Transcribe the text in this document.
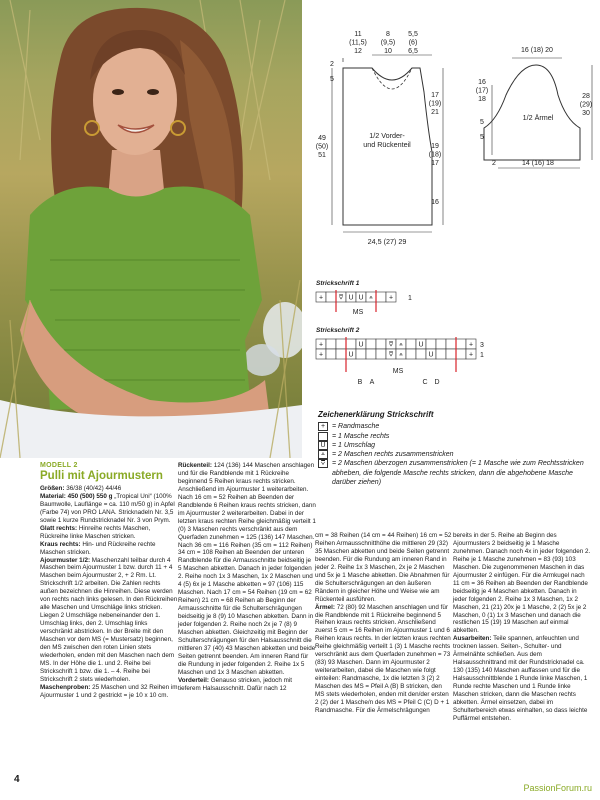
11 (11,5) 12
8 (9,5) 10
5,5 (6) 6,5
2
5
17 (19) 21
19 (18) 17
16
49 (50) 51
1/2 Vorder-
und Rückenteil
24,5 (27) 29
16 (18) 20
16 (17) 18
5
5
28 (29) 30
1/2 Ärmel
2	14 (16) 18
Strickschrift 1
+ ⩢ U U ⩡ + 1
MS
Strickschrift 2
+	U	⩢ ⩡ U	+
+	U	⩢ ⩡	U	+
3
1
MS
B A	C D
Zeichenerklärung Strickschrift
+ = Randmasche
= 1 Masche rechts
U = 1 Umschlag
⩡	= 2 Maschen rechts zusammenstricken
⩢ = 2 Maschen überzogen zusammenstricken (= 1 Masche wie zum Rechtsstricken abheben, die folgende Masche rechts stricken, dann die abgehobene Masche darüber ziehen)
MODELL 2
Pulli mit Ajourmustern

Größen: 36/38 (40/42) 44/46

Material: 450 (500) 550 g „Tropical Uni“ (100% Baumwolle, Lauflänge = ca. 110 m/50 g) in Apfel (Farbe 74) von PRO LANA. Stricknadeln Nr. 3,5 sowie 1 kurze Rundstricknadel Nr. 3 von Prym.

Glatt rechts: Hinreihe rechts Maschen, Rückreihe linke Maschen stricken.

Kraus rechts: Hin- und Rückreihe rechte Maschen stricken.

Ajourmuster 1/2: Maschenzahl teilbar durch 4 Maschen beim Ajourmuster 1 bzw. durch 11 + 4 Maschen beim Ajourmuster 2, + 2 Rm. Lt. Strickschrift 1/2 arbeiten. Die Zahlen rechts außen bezeichnen die Hinreihen. Diese werden von rechts nach links gelesen. In den Rückreihen alle Maschen und Umschläge links stricken. Liegen 2 Umschläge nebeneinander den 1. Umschlag links, den 2. Umschlag links verschränkt abstricken. In der Breite mit den Maschen vor dem MS (= Mustersatz) beginnen, den MS zwischen den roten Linien stets wiederholen, enden mit den Maschen nach dem MS. In der Höhe die 1. und 2. Reihe bei Strickschrift 1 bzw. die 1. – 4. Reihe bei Strickschrift 2 stets wiederholen.

Maschenproben: 25 Maschen und 32 Reihen im Ajourmuster 1 und 2 gestrickt = je 10 x 10 cm.

Rückenteil: 124 (136) 144 Maschen anschlagen und für die Randblende mit 1 Rückreihe beginnend 5 Reihen kraus rechts stricken. Anschließend im Ajourmuster 1 weiterarbeiten. Nach 16 cm = 52 Reihen ab Beenden der Randblende 6 Reihen kraus rechts stricken, dann im Ajourmuster 2 weiterarbeiten. Dabei in der letzten kraus rechten Reihe gleichmäßig verteilt 1 (0) 3 Maschen rechts verschränkt aus dem Querfaden zunehmen = 125 (136) 147 Maschen. Nach 36 cm = 116 Reihen (35 cm = 112 Reihen) 34 cm = 108 Reihen ab Beenden der unteren Randblende für die Armausschnitte beidseitig je 5 Maschen abketten. Danach in jeder folgenden 2. Reihe noch 1x 3 Maschen, 1x 2 Maschen und 4 (5) 6x je 1 Masche abketten = 97 (106) 115 Maschen. Nach 17 cm = 54 Reihen (19 cm = 62 Reihen) 21 cm = 68 Reihen ab Beginn der Armausschnitte für die Schulterschrägungen beidseitig je 8 (9) 10 Maschen abketten. Dann in jeder folgenden 2. Reihe noch 2x je 7 (8) 9 Maschen abketten. Gleichzeitig mit Beginn der Schulterschrägungen für den Halsausschnitt die mittleren 37 (40) 43 Maschen abketten und beide Seiten getrennt beenden. Am inneren Rand für die Rundung in jeder folgenden 2. Reihe 1x 5 Maschen und 1x 3 Maschen abketten.

Vorderteil: Genauso stricken, jedoch mit tieferem Halsausschnitt. Dafür nach 12

cm = 38 Reihen (14 cm = 44 Reihen) 16 cm = 52 Reihen Armausschnitthöhe die mittleren 29 (32) 35 Maschen abketten und beide Seiten getrennt beenden. Für die Rundung am inneren Rand in jeder 2. Reihe 1x 3 Maschen, 2x je 2 Maschen und 5x je 1 Masche abketten. Die Abnahmen für die Schulterschrägungen an den äußeren Rändern in gleicher Höhe und Weise wie am Rückenteil ausführen.

Ärmel: 72 (80) 92 Maschen anschlagen und für die Randblende mit 1 Rückreihe beginnend 5 Reihen kraus rechts stricken. Anschließend zuerst 5 cm = 16 Reihen im Ajourmuster 1 und 6 Reihen kraus rechts. In der letzten kraus rechten Reihe gleichmäßig verteilt 1 (3) 1 Masche rechts verschränkt aus dem Querfaden zunehmen = 73 (83) 93 Maschen. Dann im Ajourmuster 2 weiterarbeiten, dabei die Maschen wie folgt einteilen: Randmasche, 1x die letzten 3 (2) 2 Maschen des MS = Pfeil A (B) B stricken, den MS stets wiederholen, enden mit den/der ersten 2 (2) der 1 Masche/n des MS = Pfeil C (C) D + 1 Randmasche. Für die Ärmelschrägungen

bereits in der 5. Reihe ab Beginn des Ajourmusters 2 beidseitig je 1 Masche zunehmen. Danach noch 4x in jeder folgenden 2. Reihe je 1 Masche zunehmen = 83 (93) 103 Maschen. Die zugenommenen Maschen in das Ajourmuster 2 einfügen. Für die Armkugel nach 11 cm = 36 Reihen ab Beenden der Randblende beidseitig je 4 Maschen abketten. Danach in jeder folgenden 2. Reihe 1x 3 Maschen, 1x 2 Maschen, 21 (21) 20x je 1 Masche, 2 (2) 5x je 2 Maschen, 0 (1) 1x 3 Maschen und danach die restlichen 15 (19) 19 Maschen auf einmal abketten.

Ausarbeiten: Teile spannen, anfeuchten und trocknen lassen. Seiten-, Schulter- und Ärmelnähte schließen. Aus dem Halsausschnittrand mit der Rundstricknadel ca. 130 (135) 140 Maschen auffassen und für die Halsausschnittblende 1 Runde linke Maschen, 1 Runde rechte Maschen und 1 Runde linke Maschen stricken, dann die Maschen rechts abketten. Ärmel einsetzen, dabei im Schulterbereich etwas einhalten, so dass leichte Puffärmel entstehen.

4
PassionForum.ru
